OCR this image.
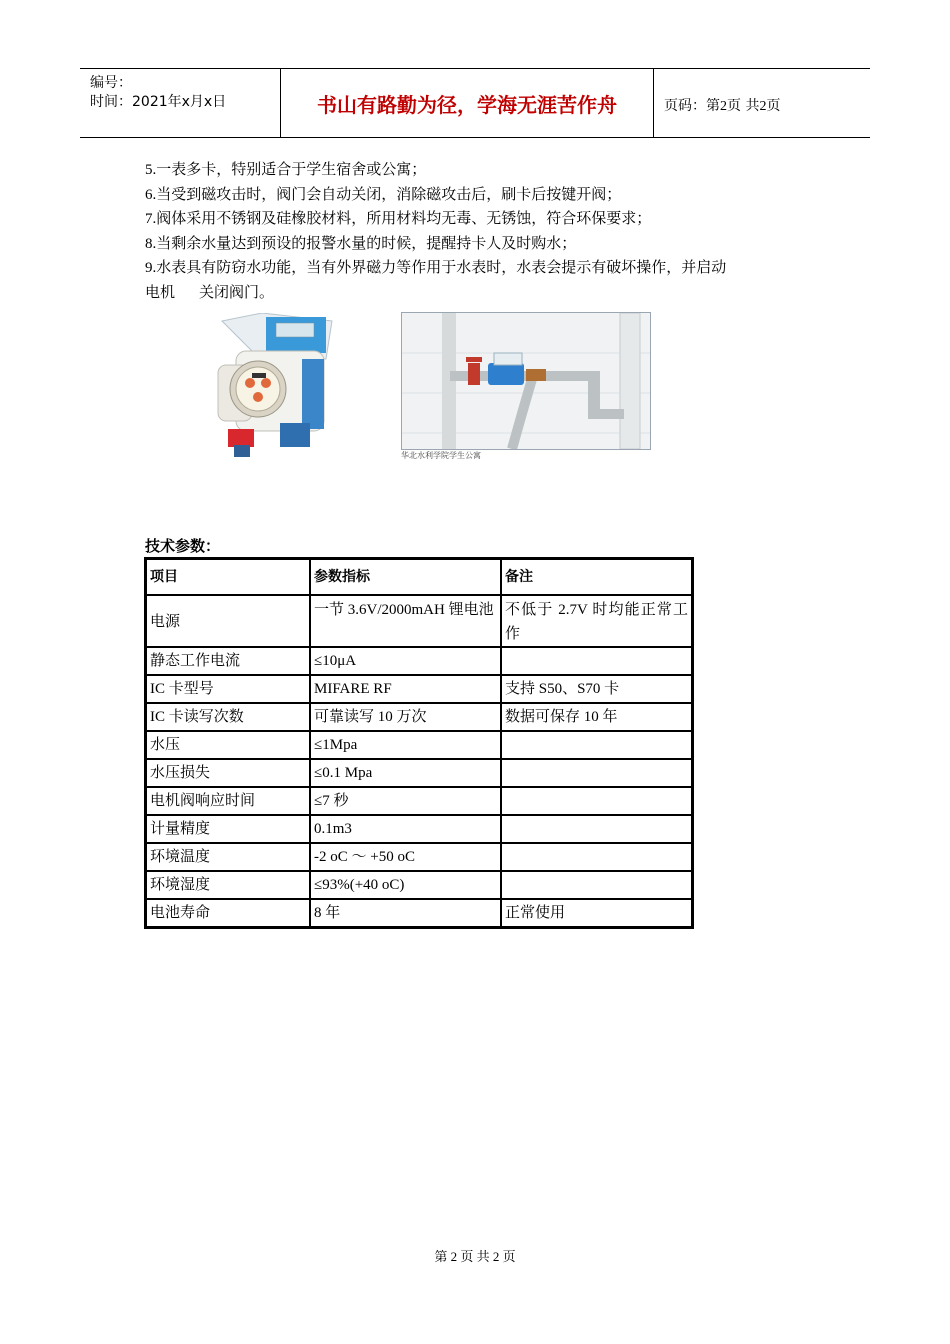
编号：
时间：2021年x月x日	书山有路勤为径，学海无涯苦作舟	页码：第2页 共2页

5.一表多卡，特别适合于学生宿舍或公寓；

6.当受到磁攻击时，阀门会自动关闭，消除磁攻击后，刷卡后按键开阀；

7.阀体采用不锈钢及硅橡胶材料，所用材料均无毒、无锈蚀，符合环保要求；

8.当剩余水量达到预设的报警水量的时候，提醒持卡人及时购水；

9.水表具有防窃水功能，当有外界磁力等作用于水表时，水表会提示有破坏操作，并启动

电机 关闭阀门。

华北水利学院学生公寓
技术参数：
项目	参数指标	备注
电源	一节 3.6V/2000mAH 锂电池	不低于 2.7V 时均能正常工作
静态工作电流	≤10μA	
IC 卡型号	MIFARE RF	支持 S50、S70 卡
IC 卡读写次数	可靠读写 10 万次	数据可保存 10 年
水压	≤1Mpa	
水压损失	≤0.1 Mpa	
电机阀响应时间	≤7 秒	
计量精度	0.1m3	
环境温度	-2 oC ～ +50 oC	
环境湿度	≤93%(+40 oC)	
电池寿命	8 年	正常使用
第 2 页 共 2 页
